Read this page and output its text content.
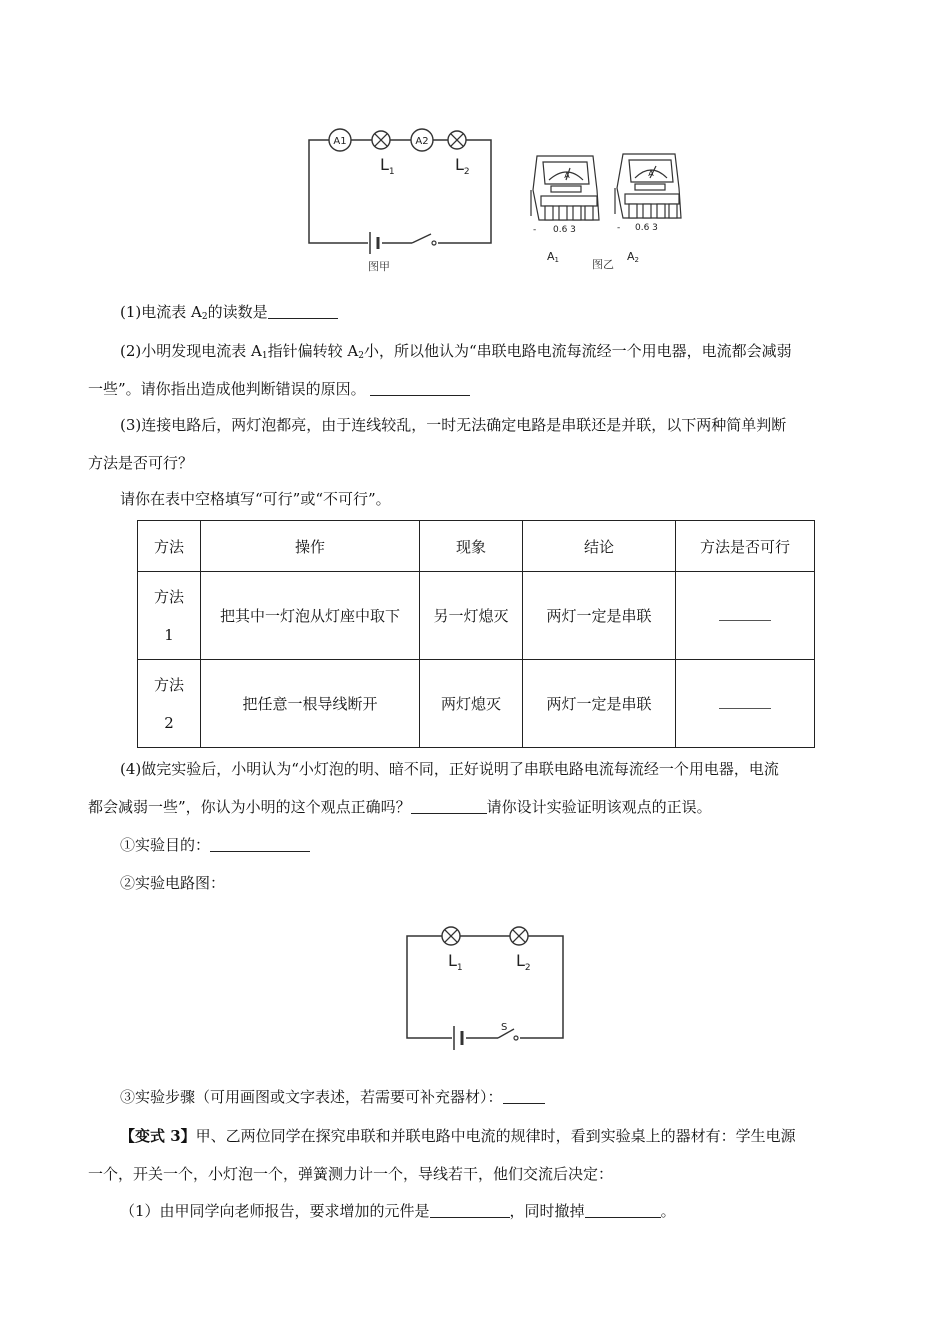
A1	A2
$L_1$	$L_2$
图甲
A	A
- 0.6 3	- 0.6 3
A1	A2
图乙
(1)电流表 $A_2$的读数是
(2)小明发现电流表 $A_1$指针偏转较 $A_2$小，所以他认为“串联电路电流每流经一个用电器，电流都会减弱
一些”。请你指出造成他判断错误的原因。
(3)连接电路后，两灯泡都亮，由于连线较乱，一时无法确定电路是串联还是并联，以下两种简单判断
方法是否可行？
请你在表中空格填写“可行”或“不可行”。
方法	操作	现象	结论	方法是否可行
方法
1	把其中一灯泡从灯座中取下	另一灯熄灭	两灯一定是串联	
方法
2	把任意一根导线断开	两灯熄灭	两灯一定是串联	
(4)做完实验后，小明认为“小灯泡的明、暗不同，正好说明了串联电路电流每流经一个用电器，电流
都会减弱一些”，你认为小明的这个观点正确吗？	请你设计实验证明该观点的正误。
①实验目的：
②实验电路图：
$L_1$	$L_2$
S
③实验步骤（可用画图或文字表述，若需要可补充器材）：
【变式 3】甲、乙两位同学在探究串联和并联电路中电流的规律时，看到实验桌上的器材有：学生电源
一个，开关一个，小灯泡一个，弹簧测力计一个，导线若干，他们交流后决定：
（1）由甲同学向老师报告，要求增加的元件是	，同时撤掉	。
